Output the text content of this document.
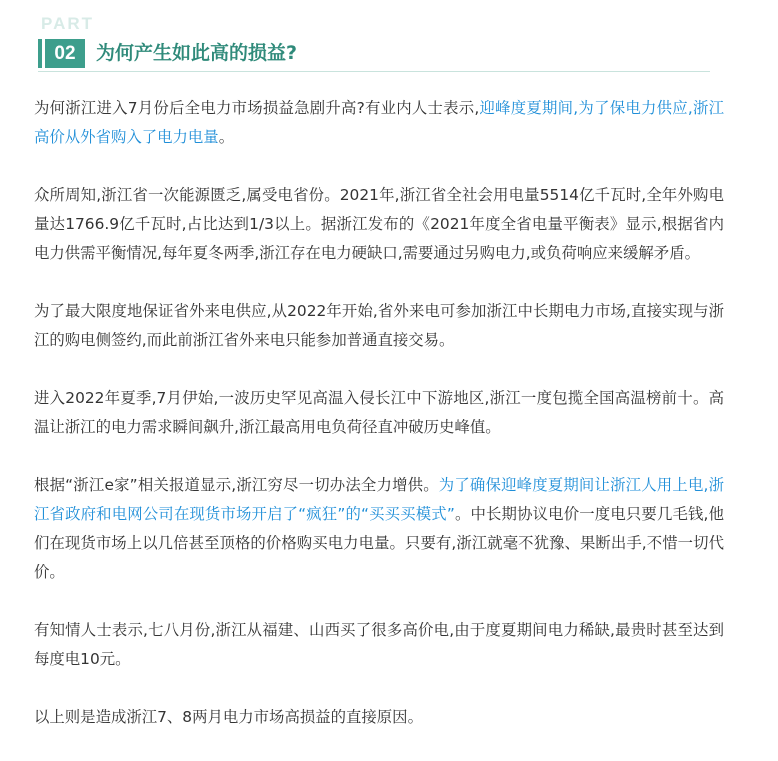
PART
02	为何产生如此高的损益?

为何浙江进入7月份后全电力市场损益急剧升高?有业内人士表示,迎峰度夏期间,为了保电力供应,浙江高价从外省购入了电力电量。

众所周知,浙江省一次能源匮乏,属受电省份。2021年,浙江省全社会用电量5514亿千瓦时,全年外购电量达1766.9亿千瓦时,占比达到1/3以上。据浙江发布的《2021年度全省电量平衡表》显示,根据省内电力供需平衡情况,每年夏冬两季,浙江存在电力硬缺口,需要通过另购电力,或负荷响应来缓解矛盾。

为了最大限度地保证省外来电供应,从2022年开始,省外来电可参加浙江中长期电力市场,直接实现与浙江的购电侧签约,而此前浙江省外来电只能参加普通直接交易。

进入2022年夏季,7月伊始,一波历史罕见高温入侵长江中下游地区,浙江一度包揽全国高温榜前十。高温让浙江的电力需求瞬间飙升,浙江最高用电负荷径直冲破历史峰值。

根据“浙江e家”相关报道显示,浙江穷尽一切办法全力增供。为了确保迎峰度夏期间让浙江人用上电,浙江省政府和电网公司在现货市场开启了“疯狂”的“买买买模式”。中长期协议电价一度电只要几毛钱,他们在现货市场上以几倍甚至顶格的价格购买电力电量。只要有,浙江就毫不犹豫、果断出手,不惜一切代价。

有知情人士表示,七八月份,浙江从福建、山西买了很多高价电,由于度夏期间电力稀缺,最贵时甚至达到每度电10元。

以上则是造成浙江7、8两月电力市场高损益的直接原因。
